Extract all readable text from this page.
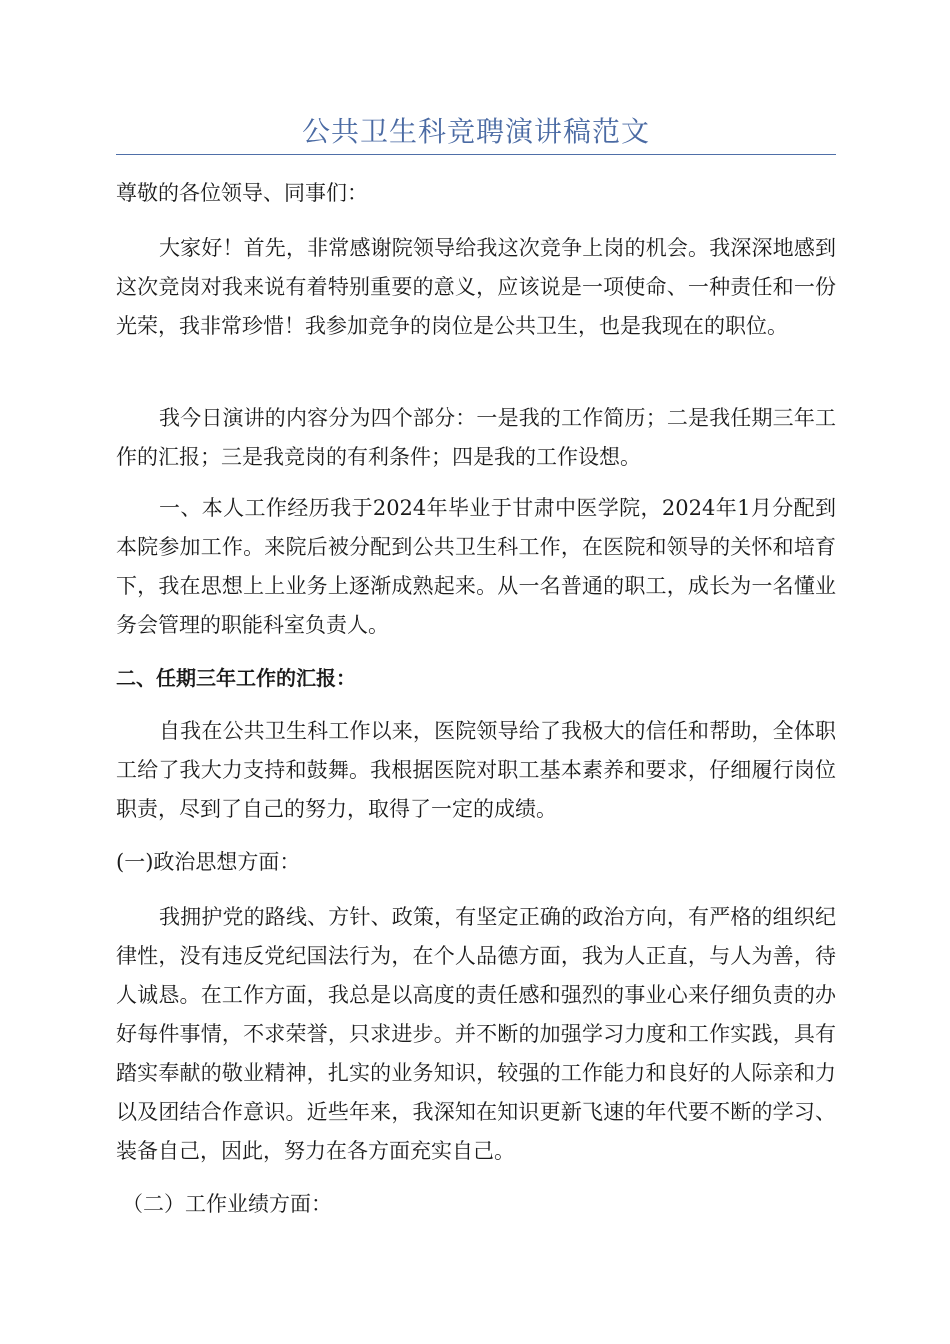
公共卫生科竞聘演讲稿范文
尊敬的各位领导、同事们：
大家好！首先，非常感谢院领导给我这次竞争上岗的机会。我深深地感到这次竞岗对我来说有着特别重要的意义，应该说是一项使命、一种责任和一份光荣，我非常珍惜！我参加竞争的岗位是公共卫生，也是我现在的职位。
我今日演讲的内容分为四个部分：一是我的工作简历；二是我任期三年工作的汇报；三是我竞岗的有利条件；四是我的工作设想。
一、本人工作经历我于2024年毕业于甘肃中医学院，2024年1月分配到本院参加工作。来院后被分配到公共卫生科工作，在医院和领导的关怀和培育下，我在思想上上业务上逐渐成熟起来。从一名普通的职工，成长为一名懂业务会管理的职能科室负责人。
二、任期三年工作的汇报：
自我在公共卫生科工作以来，医院领导给了我极大的信任和帮助，全体职工给了我大力支持和鼓舞。我根据医院对职工基本素养和要求，仔细履行岗位职责，尽到了自己的努力，取得了一定的成绩。
(一)政治思想方面：
我拥护党的路线、方针、政策，有坚定正确的政治方向，有严格的组织纪律性，没有违反党纪国法行为，在个人品德方面，我为人正直，与人为善，待人诚恳。在工作方面，我总是以高度的责任感和强烈的事业心来仔细负责的办好每件事情，不求荣誉，只求进步。并不断的加强学习力度和工作实践，具有踏实奉献的敬业精神，扎实的业务知识，较强的工作能力和良好的人际亲和力以及团结合作意识。近些年来，我深知在知识更新飞速的年代要不断的学习、装备自己，因此，努力在各方面充实自己。
（二）工作业绩方面：
